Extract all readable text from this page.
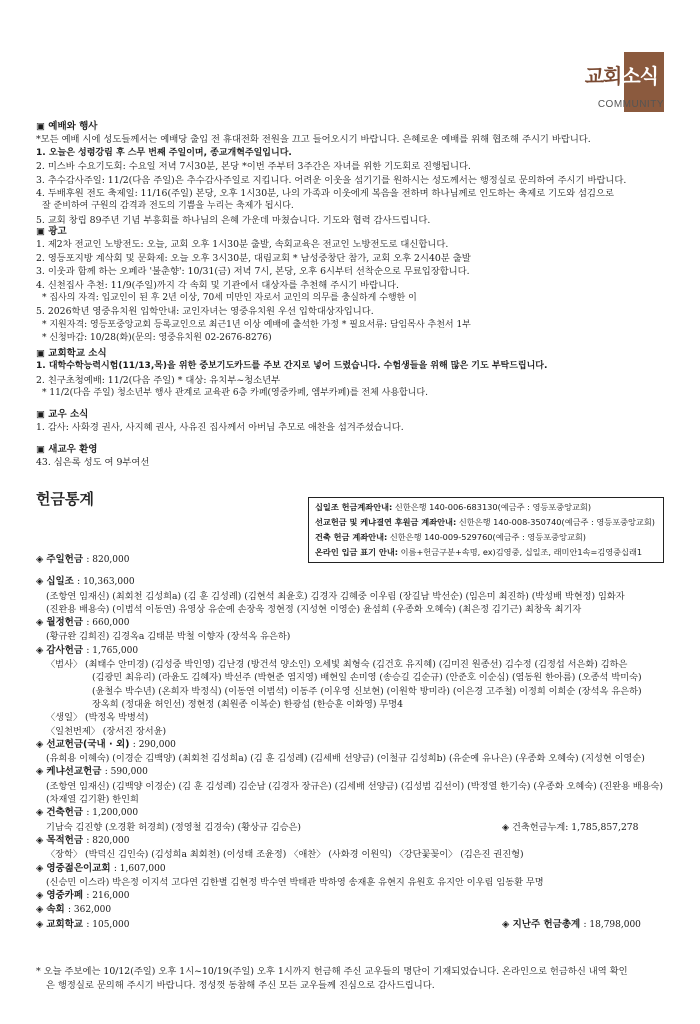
교회소식
COMMUNITY
▣ 예배와 행사
*모든 예배 시에 성도들께서는 예배당 출입 전 휴대전화 전원을 끄고 들어오시기 바랍니다. 은혜로운 예배를 위해 협조해 주시기 바랍니다.
1. 오늘은 성령강림 후 스무 번째 주일이며, 종교개혁주일입니다.
2. 미스바 수요기도회: 수요일 저녁 7시30분, 본당 *이번 주부터 3주간은 자녀를 위한 기도회로 진행됩니다.
3. 추수감사주일: 11/2(다음 주일)은 추수감사주일로 지킵니다. 어려운 이웃을 섬기기를 원하시는 성도께서는 행정실로 문의하여 주시기 바랍니다.
4. 두배후원 전도 축제일: 11/16(주일) 본당, 오후 1시30분, 나의 가족과 이웃에게 복음을 전하며 하나님께로 인도하는 축제로 기도와 섬김으로
잘 준비하여 구원의 감격과 전도의 기쁨을 누리는 축제가 됩시다.
5. 교회 창립 89주년 기념 부흥회를 하나님의 은혜 가운데 마쳤습니다. 기도와 협력 감사드립니다.
▣ 광고
1. 제2차 전교인 노방전도: 오늘, 교회 오후 1시30분 출발, 속회교육은 전교인 노방전도로 대신합니다.
2. 영등포지방 계삭회 및 문화제: 오늘 오후 3시30분, 대림교회 * 남성중창단 참가, 교회 오후 2시40분 출발
3. 이웃과 함께 하는 오페라 '불춘향': 10/31(금) 저녁 7시, 본당, 오후 6시부터 선착순으로 무료입장합니다.
4. 신천집사 추천: 11/9(주일)까지 각 속회 및 기관에서 대상자를 추천해 주시기 바랍니다.
* 집사의 자격: 입교인이 된 후 2년 이상, 70세 미만인 자로서 교인의 의무를 충실하게 수행한 이
5. 2026학년 영중유치원 입학안내: 교인자녀는 영중유치원 우선 입학대상자입니다.
* 지원자격: 영등포중앙교회 등록교인으로 최근1년 이상 예배에 출석한 가정 * 필요서류: 담임목사 추천서 1부
* 신청마감: 10/28(화)(문의: 영중유치원 02-2676-8276)
▣ 교회학교 소식
1. 대학수학능력시험(11/13,목)을 위한 중보기도카드를 주보 간지로 넣어 드렸습니다. 수험생들을 위해 많은 기도 부탁드립니다.
2. 친구초청예배: 11/2(다음 주일) * 대상: 유치부~청소년부
* 11/2(다음 주일) 청소년부 행사 관계로 교육관 6층 카페(영중카페, 엠부카페)를 전체 사용합니다.
▣ 교우 소식
1. 감사: 사화경 권사, 사지혜 권사, 사유진 집사께서 아버님 추모로 애찬을 섬겨주셨습니다.
▣ 새교우 환영
43. 심은록 성도 여 9부여선
헌금통계	십일조 헌금계좌안내: 신한은행 140-006-683130(예금주 : 영등포중앙교회)
선교헌금 및 케냐결연 후원금 계좌안내: 신한은행 140-008-350740(예금주 : 영등포중앙교회)
건축 헌금 계좌안내: 신한은행 140-009-529760(예금주 : 영등포중앙교회)
온라인 입금 표기 안내: 이름+헌금구분+속명, ex)김영중, 십일조, 래미안1속=김영중십래1
◈ 주일헌금 : 820,000
◈ 십일조 : 10,363,000
(조항연 임재신) (최회천 김성희a) (김 훈 김성례) (김현석 최윤호) 김경자 김혜중 이우림 (장길남 박선순) (임은미 최진하) (박성배 박현정) 임화자
(진완용 배용숙) (이범석 이동연) 유영상 유순예 손장욱 정현정 (지성현 이영순) 윤섬희 (우종화 오혜숙) (최은정 김기근) 최창욱 최기자
◈ 월정헌금 : 660,000
(황규완 김희진) 김경옥a 김태분 박철 이향자 (장석옥 유은하)
◈ 감사헌금 : 1,765,000
〈범사〉 (최태수 안미경) (김성중 박인영) 김난경 (방건석 양소인) 오세빛 최형숙 (김건호 유지혜) (김미진 원종선) 김수정 (김정섭 서은화) 김하은
(김광민 최유리) (라윤도 김혜자) 박선주 (박현준 염지영) 배현일 손미영 (송승길 김순규) (안준호 이순심) (염동원 한아름) (오종석 박미숙)
(윤철수 박수년) (온희자 박정식) (이동연 이범석) 이동주 (이우영 신보현) (이원학 방미라) (이은경 고주철) 이정희 이희순 (장석옥 유은하)
장옥희 (정대윤 허인선) 정현정 (최원종 이복순) 한광섭 (한승훈 이화영) 무명4
〈생일〉 (박정옥 박병석)
〈일천번제〉 (장서진 장서윤)
◈ 선교헌금(국내 · 외) : 290,000
(유희용 이혜숙) (이경순 김백양) (최회천 김성희a) (김 훈 김성례) (김세배 선양금) (이철규 김성희b) (유순예 유나은) (우종화 오혜숙) (지성현 이영순)
◈ 케냐선교헌금 : 590,000
(조항연 임재신) (김백양 이경순) (김 훈 김성례) 김순남 (김경자 장규은) (김세배 선양금) (김성범 김선이) (박정열 한기숙) (우종화 오혜숙) (진완용 배용숙)
(차재열 김기환) 한인희
◈ 건축헌금 : 1,200,000
기남숙 김진향 (오경환 허경희) (정영철 김경숙) (황상규 김승은)	◈ 건축헌금누계: 1,785,857,278
◈ 목적헌금 : 820,000
〈장학〉 (박덕신 김인숙) (김성희a 최회천) (이성태 조윤정) 〈애찬〉 (사화경 이원익) 〈강단꽃꽂이〉 (김은진 권진형)
◈ 영중젊은이교회 : 1,607,000
(신승민 이스라) 박은정 이지석 고다연 김한별 김현정 박수연 박태관 박하영 송재훈 유현지 유원호 유지안 이우림 임동환 무명
◈ 영중카페 : 216,000
◈ 속회 : 362,000
◈ 교회학교 : 105,000	◈ 지난주 헌금총계 : 18,798,000
* 오늘 주보에는 10/12(주일) 오후 1시~10/19(주일) 오후 1시까지 헌금해 주신 교우들의 명단이 기재되었습니다. 온라인으로 헌금하신 내역 확인
은 행정실로 문의해 주시기 바랍니다. 정성껏 동참해 주신 모든 교우들께 진심으로 감사드립니다.
